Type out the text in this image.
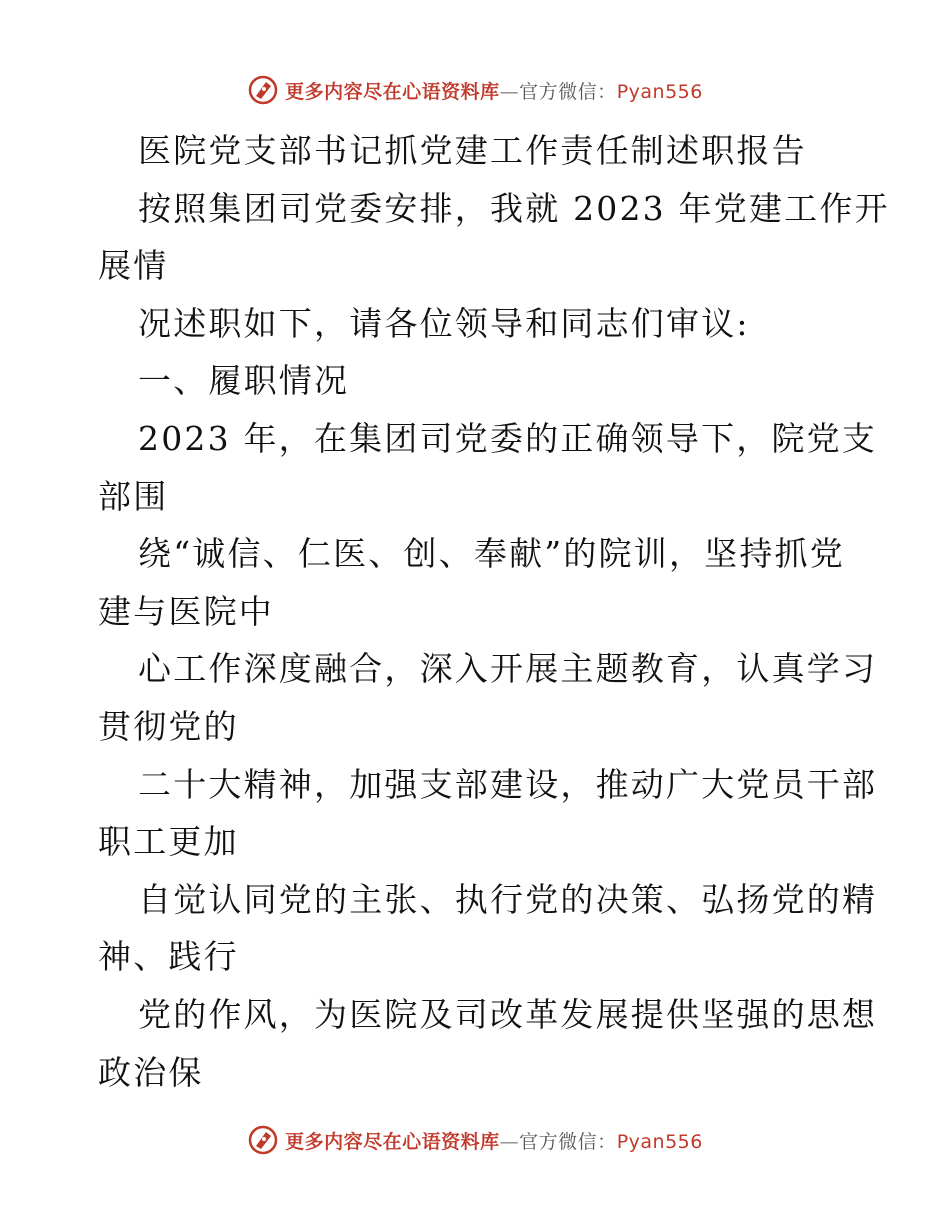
更多内容尽在心语资料库—官方微信：Pyan556
医院党支部书记抓党建工作责任制述职报告
按照集团司党委安排，我就 2023 年党建工作开
展情
况述职如下，请各位领导和同志们审议:
一、履职情况
2023 年，在集团司党委的正确领导下，院党支
部围
绕“诚信、仁医、创、奉献”的院训，坚持抓党
建与医院中
心工作深度融合，深入开展主题教育，认真学习
贯彻党的
二十大精神，加强支部建设，推动广大党员干部
职工更加
自觉认同党的主张、执行党的决策、弘扬党的精
神、践行
党的作风，为医院及司改革发展提供坚强的思想
政治保
更多内容尽在心语资料库—官方微信：Pyan556
